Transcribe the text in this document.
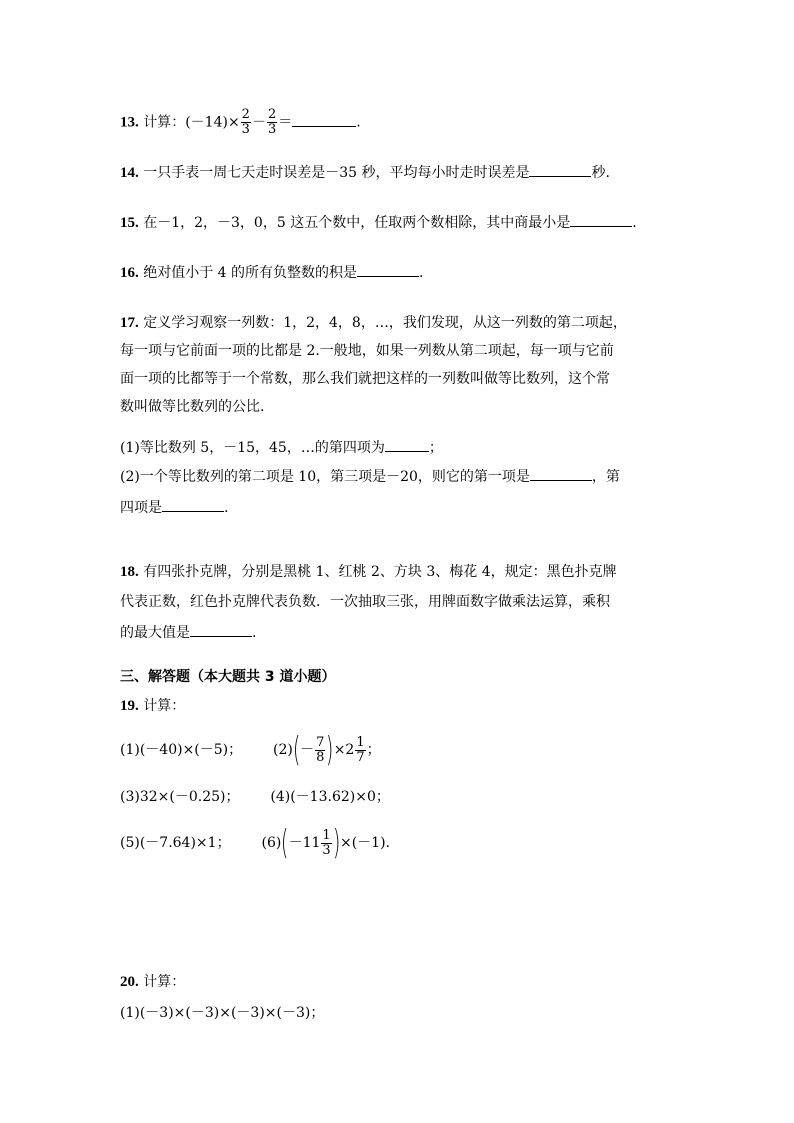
13. 计算：$(-14)\times \frac{2}{3} - \frac{2}{3}$ ＝	.
14. 一只手表一周七天走时误差是－35 秒，平均每小时走时误差是	秒.
15. 在－1，2，－3，0，5 这五个数中，任取两个数相除，其中商最小是	.
16. 绝对值小于 4 的所有负整数的积是	.
17. 定义学习观察一列数：1，2，4，8，…，我们发现，从这一列数的第二项起，
每一项与它前面一项的比都是 2.一般地，如果一列数从第二项起，每一项与它前
面一项的比都等于一个常数，那么我们就把这样的一列数叫做等比数列，这个常
数叫做等比数列的公比.
(1)等比数列 5，－15，45，…的第四项为	；
(2)一个等比数列的第二项是 10，第三项是－20，则它的第一项是	，第
四项是	.
18. 有四张扑克牌，分别是黑桃 1、红桃 2、方块 3、梅花 4，规定：黑色扑克牌
代表正数，红色扑克牌代表负数．一次抽取三张，用牌面数字做乘法运算，乘积
的最大值是	.
三、解答题（本大题共 3 道小题）
19. 计算：
(1)(－40)×(－5)； $(2)(- \frac{7}{8} )\times 2 \frac{1}{7}$ ；
(3)32×(－0.25)； (4)(－13.62)×0；
(5)(－7.64)×1； $(6)(-11 \frac{1}{3} )\times(-1)$.
20. 计算：
(1)(－3)×(－3)×(－3)×(－3)；
